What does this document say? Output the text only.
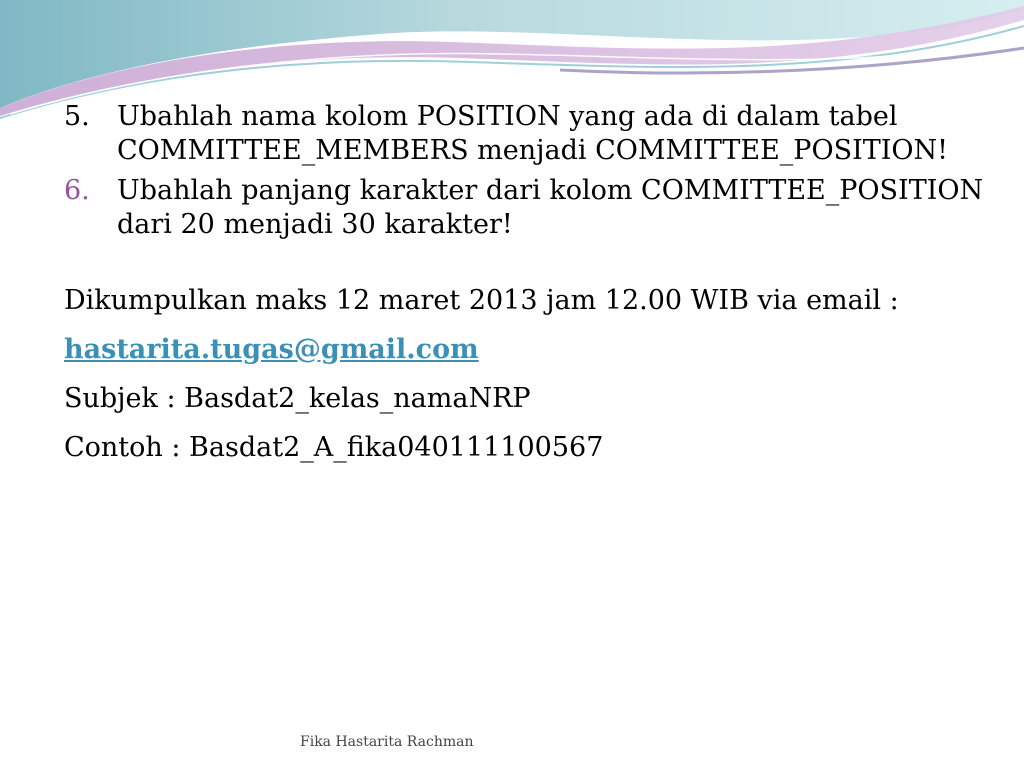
5. Ubahlah nama kolom POSITION yang ada di dalam tabel COMMITTEE_MEMBERS menjadi COMMITTEE_POSITION!
6. Ubahlah panjang karakter dari kolom COMMITTEE_POSITION dari 20 menjadi 30 karakter!
Dikumpulkan maks 12 maret 2013 jam 12.00 WIB via email :
hastarita.tugas@gmail.com
Subjek : Basdat2_kelas_namaNRP
Contoh : Basdat2_A_fika040111100567
Fika Hastarita Rachman
